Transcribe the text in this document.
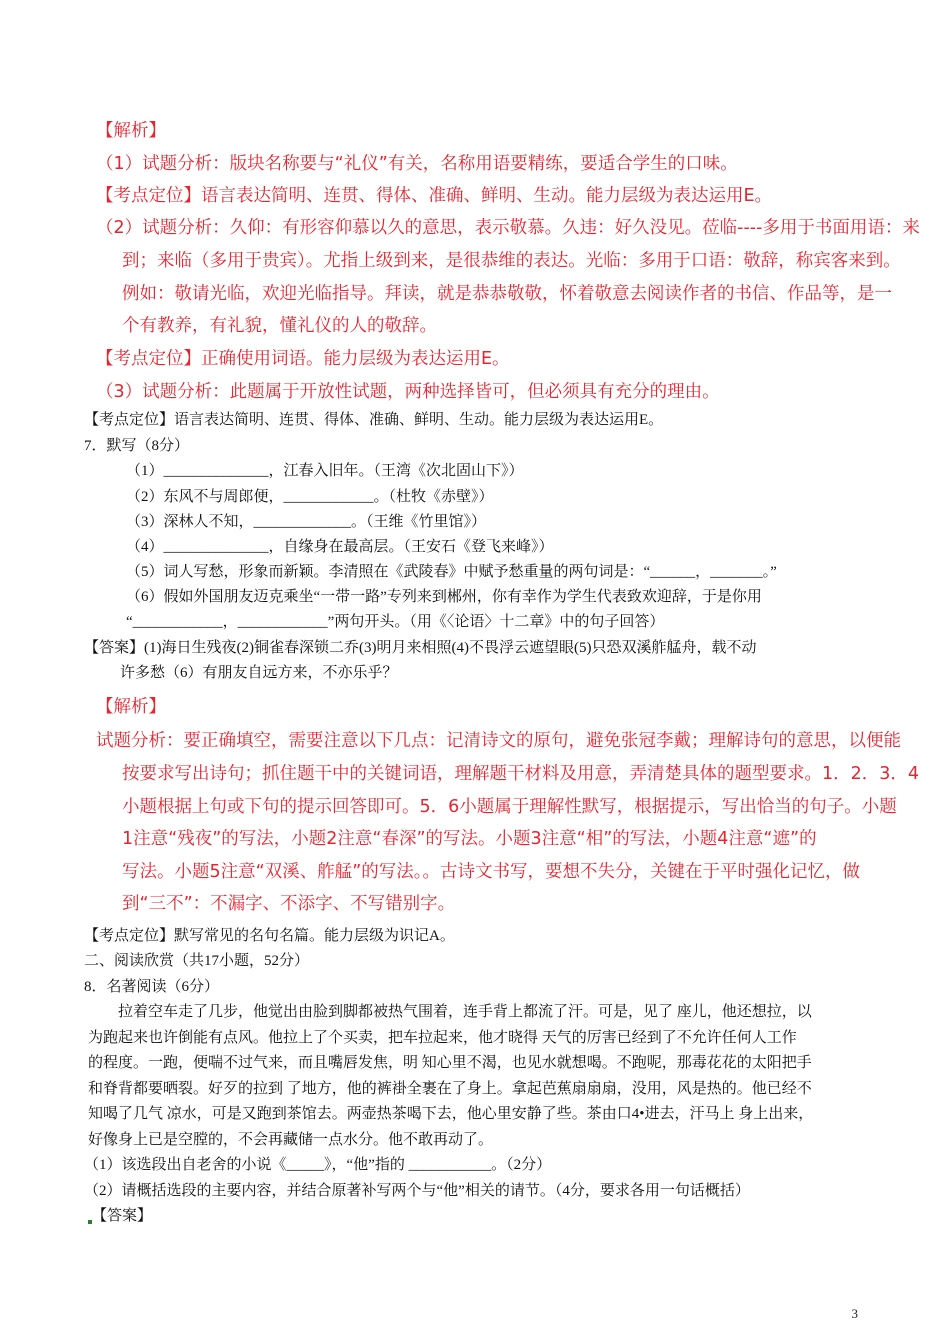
【解析】
（1）试题分析：版块名称要与“礼仪”有关，名称用语要精练，要适合学生的口味。
【考点定位】语言表达简明、连贯、得体、准确、鲜明、生动。能力层级为表达运用E。
（2）试题分析：久仰：有形容仰慕以久的意思，表示敬慕。久违：好久没见。莅临----多用于书面用语：来
到；来临（多用于贵宾）。尤指上级到来，是很恭维的表达。光临：多用于口语：敬辞，称宾客来到。
例如：敬请光临，欢迎光临指导。拜读，就是恭恭敬敬，怀着敬意去阅读作者的书信、作品等，是一
个有教养，有礼貌，懂礼仪的人的敬辞。
【考点定位】正确使用词语。能力层级为表达运用E。
（3）试题分析：此题属于开放性试题，两种选择皆可，但必须具有充分的理由。
【考点定位】语言表达简明、连贯、得体、准确、鲜明、生动。能力层级为表达运用E。
7．默写（8分）
（1）______________，江春入旧年。（王湾《次北固山下》）
（2）东风不与周郎便，____________。（杜牧《赤壁》）
（3）深林人不知，_____________。（王维《竹里馆》）
（4）______________，自缘身在最高层。（王安石《登飞来峰》）
（5）词人写愁，形象而新颖。李清照在《武陵春》中赋予愁重量的两句词是：“______，_______。”
（6）假如外国朋友迈克乘坐“一带一路”专列来到郴州，你有幸作为学生代表致欢迎辞，于是你用
“____________，____________”两句开头。（用《〈论语〉十二章》中的句子回答）
【答案】(1)海日生残夜(2)铜雀春深锁二乔(3)明月来相照(4)不畏浮云遮望眼(5)只恐双溪舴艋舟，载不动
许多愁（6）有朋友自远方来，不亦乐乎？
【解析】
试题分析：要正确填空，需要注意以下几点：记清诗文的原句，避免张冠李戴；理解诗句的意思，以便能
按要求写出诗句；抓住题干中的关键词语，理解题干材料及用意，弄清楚具体的题型要求。1．2．3．4
小题根据上句或下句的提示回答即可。5．6小题属于理解性默写，根据提示，写出恰当的句子。小题
1注意“残夜”的写法，小题2注意“春深”的写法。小题3注意“相”的写法，小题4注意“遮”的
写法。小题5注意“双溪、舴艋”的写法。。古诗文书写，要想不失分，关键在于平时强化记忆，做
到“三不”：不漏字、不添字、不写错别字。
【考点定位】默写常见的名句名篇。能力层级为识记A。
二、阅读欣赏（共17小题，52分）
8．名著阅读（6分）
拉着空车走了几步，他觉出由脸到脚都被热气围着，连手背上都流了汗。可是，见了 座儿，他还想拉，以
为跑起来也许倒能有点风。他拉上了个买卖，把车拉起来，他才晓得 天气的厉害已经到了不允许任何人工作
的程度。一跑，便喘不过气来，而且嘴唇发焦，明 知心里不渴，也见水就想喝。不跑呢，那毒花花的太阳把手
和脊背都要晒裂。好歹的拉到 了地方，他的裤褂全裹在了身上。拿起芭蕉扇扇扇，没用，风是热的。他已经不
知喝了几气 凉水，可是又跑到茶馆去。两壶热茶喝下去，他心里安静了些。茶由口4•进去，汗马上 身上出来，
好像身上已是空膛的，不会再藏储一点水分。他不敢再动了。
（1）该选段出自老舍的小说《_____》，“他”指的 ___________。（2分）
（2）请概括选段的主要内容，并结合原著补写两个与“他”相关的请节。（4分，要求各用一句话概括）
【答案】
3
